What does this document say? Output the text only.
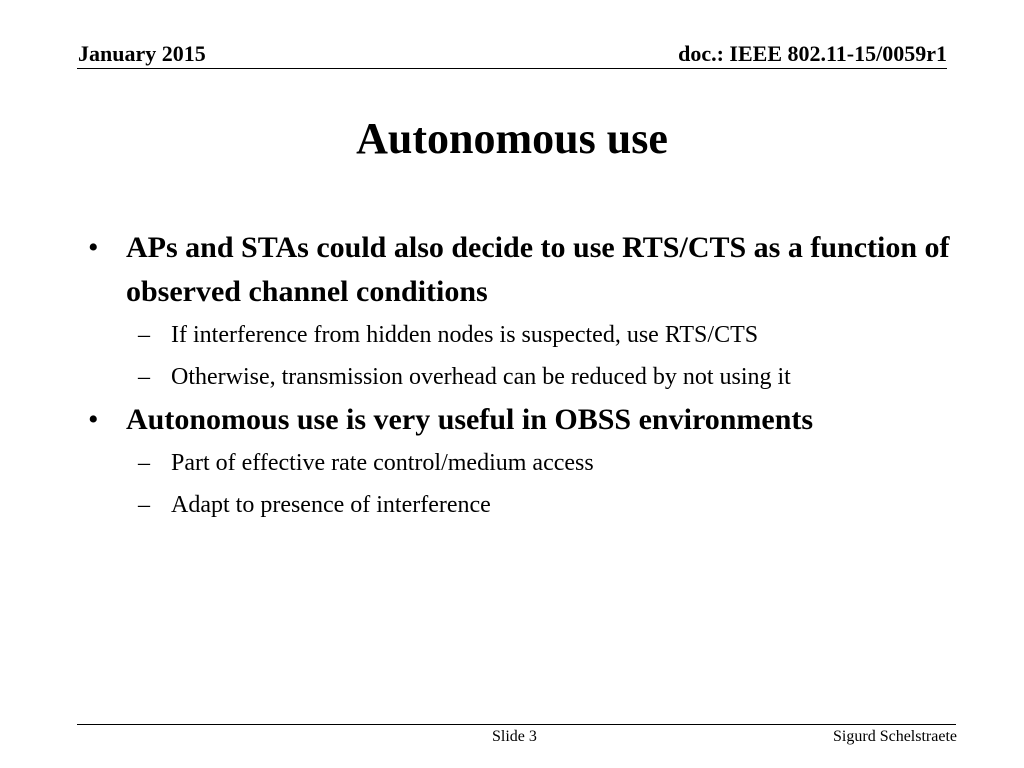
January 2015	doc.: IEEE 802.11-15/0059r1
Autonomous use
• APs and STAs could also decide to use RTS/CTS as a function of observed channel conditions
– If interference from hidden nodes is suspected, use RTS/CTS
– Otherwise, transmission overhead can be reduced by not using it
• Autonomous use is very useful in OBSS environments
– Part of effective rate control/medium access
– Adapt to presence of interference
Slide 3	Sigurd Schelstraete
